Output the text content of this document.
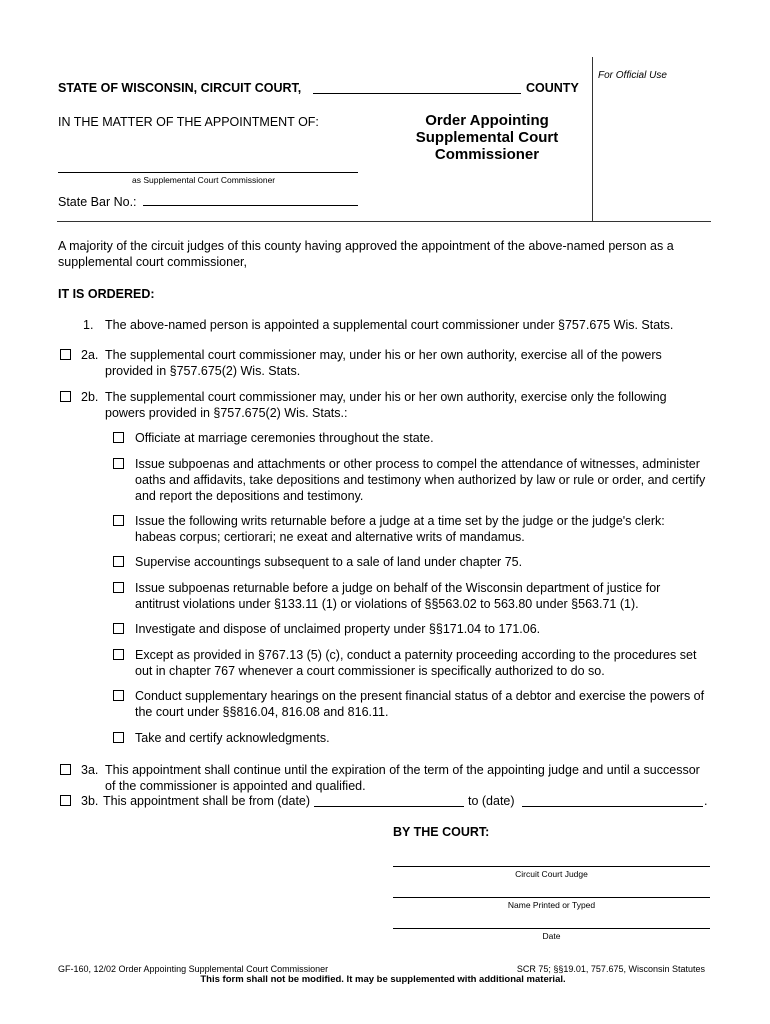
For Official Use
STATE OF WISCONSIN, CIRCUIT COURT,	COUNTY
IN THE MATTER OF THE APPOINTMENT OF:	Order Appointing
Supplemental Court
Commissioner
as Supplemental Court Commissioner
State Bar No.:
A majority of the circuit judges of this county having approved the appointment of the above-named person as a supplemental court commissioner,
IT IS ORDERED:
1. The above-named person is appointed a supplemental court commissioner under §757.675 Wis. Stats.
2a. The supplemental court commissioner may, under his or her own authority, exercise all of the powers provided in §757.675(2) Wis. Stats.
2b. The supplemental court commissioner may, under his or her own authority, exercise only the following powers provided in §757.675(2) Wis. Stats.:
Officiate at marriage ceremonies throughout the state.
Issue subpoenas and attachments or other process to compel the attendance of witnesses, administer oaths and affidavits, take depositions and testimony when authorized by law or rule or order, and certify and report the depositions and testimony.
Issue the following writs returnable before a judge at a time set by the judge or the judge's clerk: habeas corpus; certiorari; ne exeat and alternative writs of mandamus.
Supervise accountings subsequent to a sale of land under chapter 75.
Issue subpoenas returnable before a judge on behalf of the Wisconsin department of justice for antitrust violations under §133.11 (1) or violations of §§563.02 to 563.80 under §563.71 (1).
Investigate and dispose of unclaimed property under §§171.04 to 171.06.
Except as provided in §767.13 (5) (c), conduct a paternity proceeding according to the procedures set out in chapter 767 whenever a court commissioner is specifically authorized to do so.
Conduct supplementary hearings on the present financial status of a debtor and exercise the powers of the court under §§816.04, 816.08 and 816.11.
Take and certify acknowledgments.
3a. This appointment shall continue until the expiration of the term of the appointing judge and until a successor of the commissioner is appointed and qualified.
3b. This appointment shall be from (date)	to (date)	.
BY THE COURT:
Circuit Court Judge
Name Printed or Typed
Date
GF-160, 12/02 Order Appointing Supplemental Court Commissioner	SCR 75; §§19.01, 757.675, Wisconsin Statutes
This form shall not be modified. It may be supplemented with additional material.
